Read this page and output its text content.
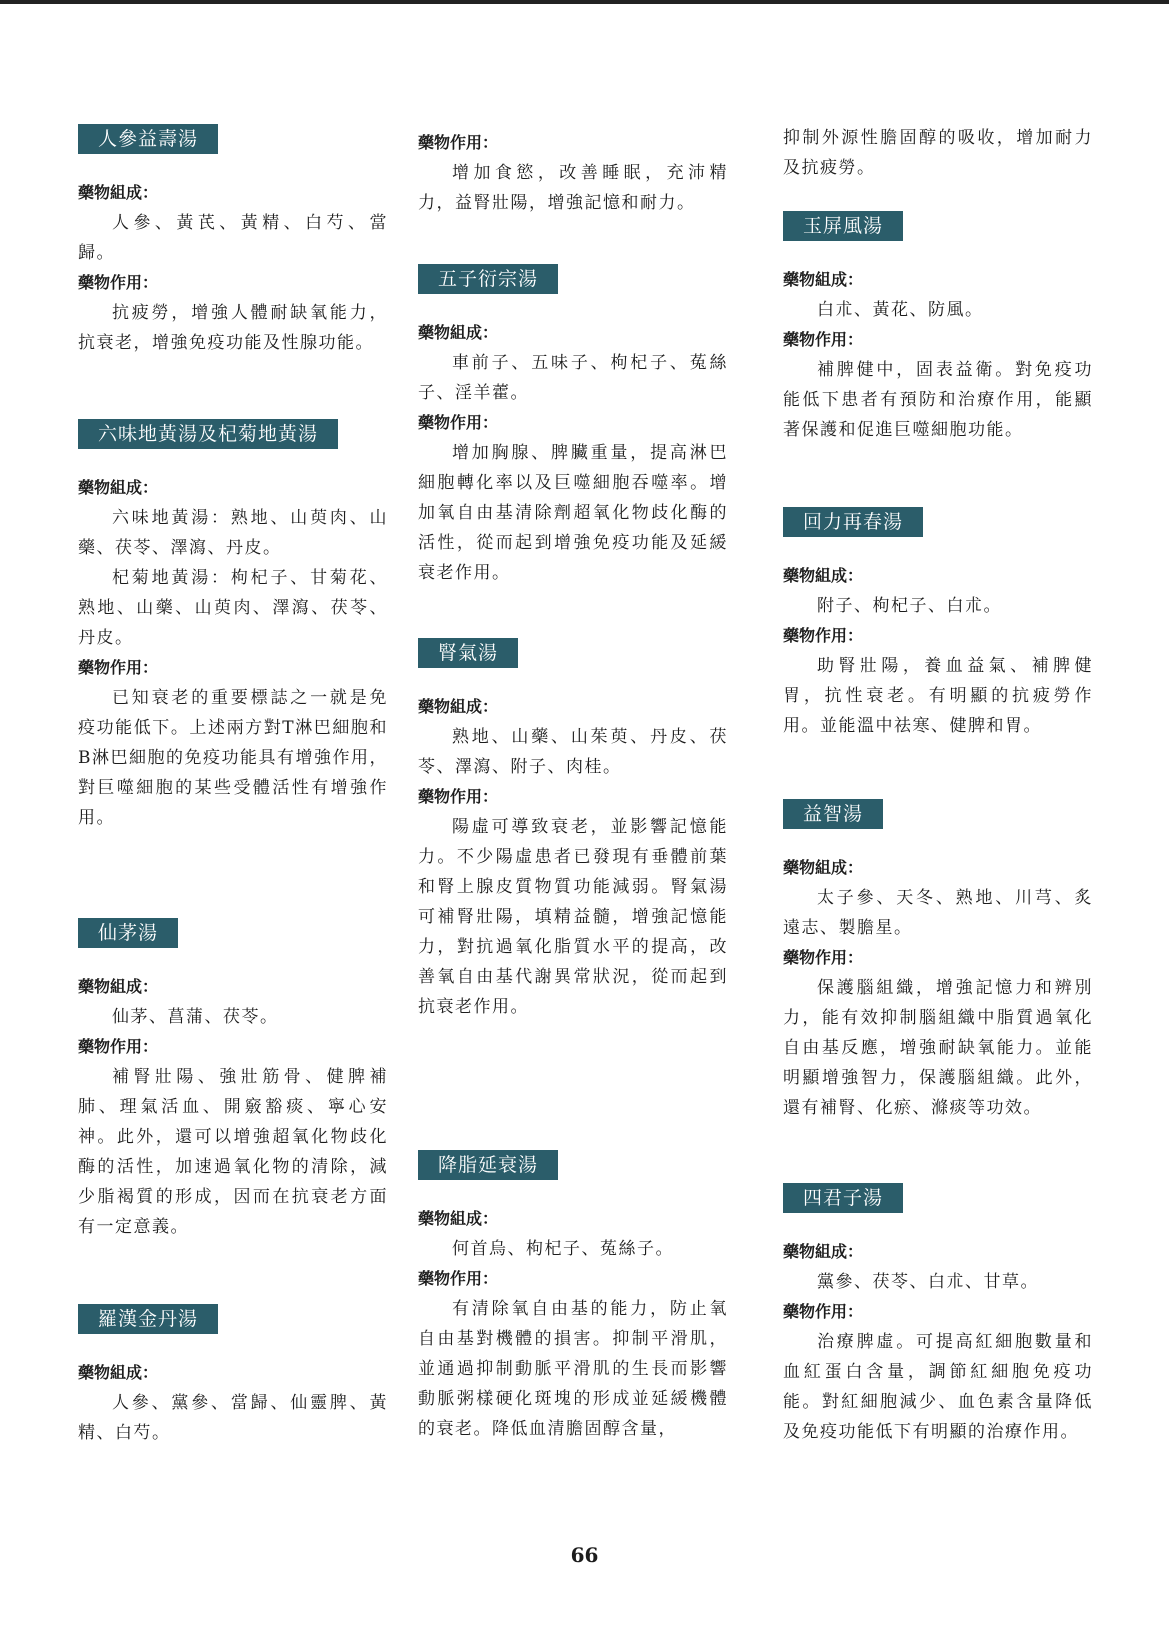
人參益壽湯

藥物組成：

人參、黃芪、黃精、白芍、當歸。

藥物作用：

抗疲勞，增強人體耐缺氧能力，抗衰老，增強免疫功能及性腺功能。

六味地黃湯及杞菊地黃湯

藥物組成：

六味地黃湯：熟地、山萸肉、山藥、茯苓、澤瀉、丹皮。

杞菊地黃湯：枸杞子、甘菊花、熟地、山藥、山萸肉、澤瀉、茯苓、丹皮。

藥物作用：

已知衰老的重要標誌之一就是免疫功能低下。上述兩方對T淋巴細胞和B淋巴細胞的免疫功能具有增強作用，對巨噬細胞的某些受體活性有增強作用。

仙茅湯

藥物組成：

仙茅、菖蒲、茯苓。

藥物作用：

補腎壯陽、強壯筋骨、健脾補肺、理氣活血、開竅豁痰、寧心安神。此外，還可以增強超氧化物歧化酶的活性，加速過氧化物的清除，減少脂褐質的形成，因而在抗衰老方面有一定意義。

羅漢金丹湯

藥物組成：

人參、黨參、當歸、仙靈脾、黃精、白芍。

藥物作用：

增加食慾，改善睡眠，充沛精力，益腎壯陽，增強記憶和耐力。

五子衍宗湯

藥物組成：

車前子、五味子、枸杞子、菟絲子、淫羊藿。

藥物作用：

增加胸腺、脾臟重量，提高淋巴細胞轉化率以及巨噬細胞吞噬率。增加氧自由基清除劑超氧化物歧化酶的活性，從而起到增強免疫功能及延緩衰老作用。

腎氣湯

藥物組成：

熟地、山藥、山茱萸、丹皮、茯苓、澤瀉、附子、肉桂。

藥物作用：

陽虛可導致衰老，並影響記憶能力。不少陽虛患者已發現有垂體前葉和腎上腺皮質物質功能減弱。腎氣湯可補腎壯陽，填精益髓，增強記憶能力，對抗過氧化脂質水平的提高，改善氧自由基代謝異常狀況，從而起到抗衰老作用。

降脂延衰湯

藥物組成：

何首烏、枸杞子、菟絲子。

藥物作用：

有清除氧自由基的能力，防止氧自由基對機體的損害。抑制平滑肌，並通過抑制動脈平滑肌的生長而影響動脈粥樣硬化斑塊的形成並延緩機體的衰老。降低血清膽固醇含量，

抑制外源性膽固醇的吸收，增加耐力及抗疲勞。

玉屏風湯

藥物組成：

白朮、黃花、防風。

藥物作用：

補脾健中，固表益衛。對免疫功能低下患者有預防和治療作用，能顯著保護和促進巨噬細胞功能。

回力再春湯

藥物組成：

附子、枸杞子、白朮。

藥物作用：

助腎壯陽，養血益氣、補脾健胃，抗性衰老。有明顯的抗疲勞作用。並能溫中祛寒、健脾和胃。

益智湯

藥物組成：

太子參、天冬、熟地、川芎、炙遠志、製膽星。

藥物作用：

保護腦組織，增強記憶力和辨別力，能有效抑制腦組織中脂質過氧化自由基反應，增強耐缺氧能力。並能明顯增強智力，保護腦組織。此外，還有補腎、化瘀、滌痰等功效。

四君子湯

藥物組成：

黨參、茯苓、白朮、甘草。

藥物作用：

治療脾虛。可提高紅細胞數量和血紅蛋白含量，調節紅細胞免疫功能。對紅細胞減少、血色素含量降低及免疫功能低下有明顯的治療作用。

66
